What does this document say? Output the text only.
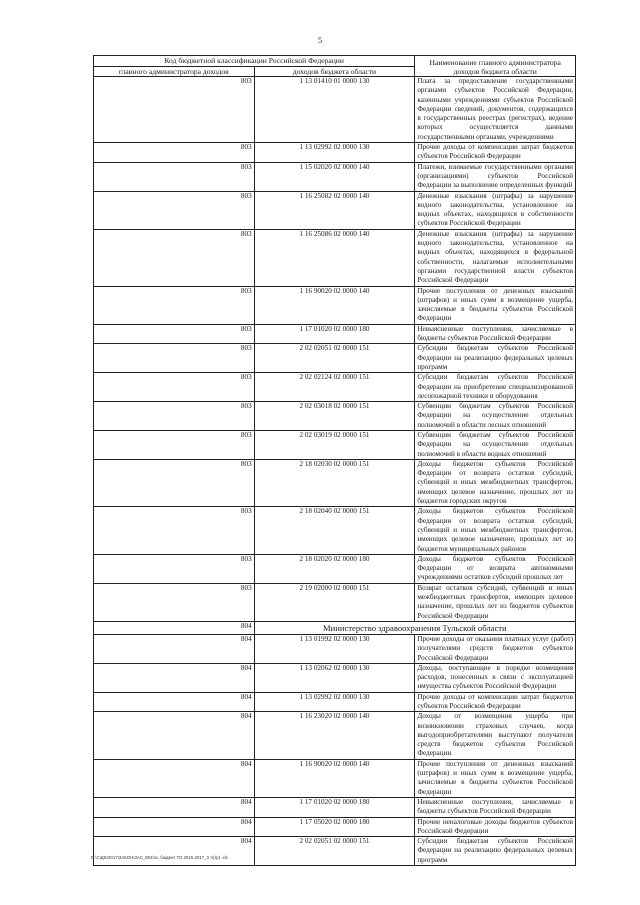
5
Код бюджетной классификации Российской Федерации		Наименование главного администратора доходов бюджета области
главного администратора доходов	доходов бюджета области	
803	1 13 01410 01 0000 130	Плата за предоставление государственными органами субъектов Российской Федерации, казенными учреждениями субъектов Российской Федерации сведений, документов, содержащихся в государственных реестрах (регистрах), ведение которых осуществляется данными государственными органами, учреждениями
803	1 13 02992 02 0000 130	Прочие доходы от компенсации затрат бюджетов субъектов Российской Федерации
803	1 15 02020 02 0000 140	Платежи, взимаемые государственными органами (организациями) субъектов Российской Федерации за выполнение определенных функций
803	1 16 25082 02 0000 140	Денежные взыскания (штрафы) за нарушение водного законодательства, установленное на водных объектах, находящихся в собственности субъектов Российской Федерации
803	1 16 25086 02 0000 140	Денежные взыскания (штрафы) за нарушение водного законодательства, установленное на водных объектах, находящихся в федеральной собственности, налагаемые исполнительными органами государственной власти субъектов Российской Федерации
803	1 16 90020 02 0000 140	Прочие поступления от денежных взысканий (штрафов) и иных сумм в возмещение ущерба, зачисляемые в бюджеты субъектов Российской Федерации
803	1 17 01020 02 0000 180	Невыясненные поступления, зачисляемые в бюджеты субъектов Российской Федерации
803	2 02 02051 02 0000 151	Субсидии бюджетам субъектов Российской Федерации на реализацию федеральных целевых программ
803	2 02 02124 02 0000 151	Субсидии бюджетам субъектов Российской Федерации на приобретение специализированной лесопожарной техники и оборудования
803	2 02 03018 02 0000 151	Субвенции бюджетам субъектов Российской Федерации на осуществление отдельных полномочий в области лесных отношений
803	2 02 03019 02 0000 151	Субвенции бюджетам субъектов Российской Федерации на осуществление отдельных полномочий в области водных отношений
803	2 18 02030 02 0000 151	Доходы бюджетов субъектов Российской Федерации от возврата остатков субсидий, субвенций и иных межбюджетных трансфертов, имеющих целевое назначение, прошлых лет из бюджетов городских округов
803	2 18 02040 02 0000 151	Доходы бюджетов субъектов Российской Федерации от возврата остатков субсидий, субвенций и иных межбюджетных трансфертов, имеющих целевое назначение, прошлых лет из бюджетов муниципальных районов
803	2 18 02020 02 0000 180	Доходы бюджетов субъектов Российской Федерации от возврата автономными учреждениями остатков субсидий прошлых лет
803	2 19 02000 02 0000 151	Возврат остатков субсидий, субвенций и иных межбюджетных трансфертов, имеющих целевое назначение, прошлых лет из бюджетов субъектов Российской Федерации
804	Министерство здравоохранения Тульской области	
804	1 13 01992 02 0000 130	Прочие доходы от оказания платных услуг (работ) получателями средств бюджетов субъектов Российской Федерации
804	1 13 02062 02 0000 130	Доходы, поступающие в порядке возмещения расходов, понесенных в связи с эксплуатацией имущества субъектов Российской Федерации
804	1 13 02992 02 0000 130	Прочие доходы от компенсации затрат бюджетов субъектов Российской Федерации
804	1 16 23020 02 0000 140	Доходы от возмещения ущерба при возникновении страховых случаев, когда выгодоприобретателями выступают получатели средств бюджетов субъектов Российской Федерации
804	1 16 90020 02 0000 140	Прочие поступления от денежных взысканий (штрафов) и иных сумм в возмещение ущерба, зачисляемые в бюджеты субъектов Российской Федерации
804	1 17 01020 02 0000 180	Невыясненные поступления, зачисляемые в бюджеты субъектов Российской Федерации
804	1 17 05020 02 0000 180	Прочие неналоговые доходы бюджетов субъектов Российской Федерации
804	2 02 02051 02 0000 151	Субсидии бюджетам субъектов Российской Федерации на реализацию федеральных целевых программ
D:\С\ДЮ2017\ЗАКОН\ЗАС_804\пз. бюджет ТО 2015-2017_3 т/(гр) .xls
